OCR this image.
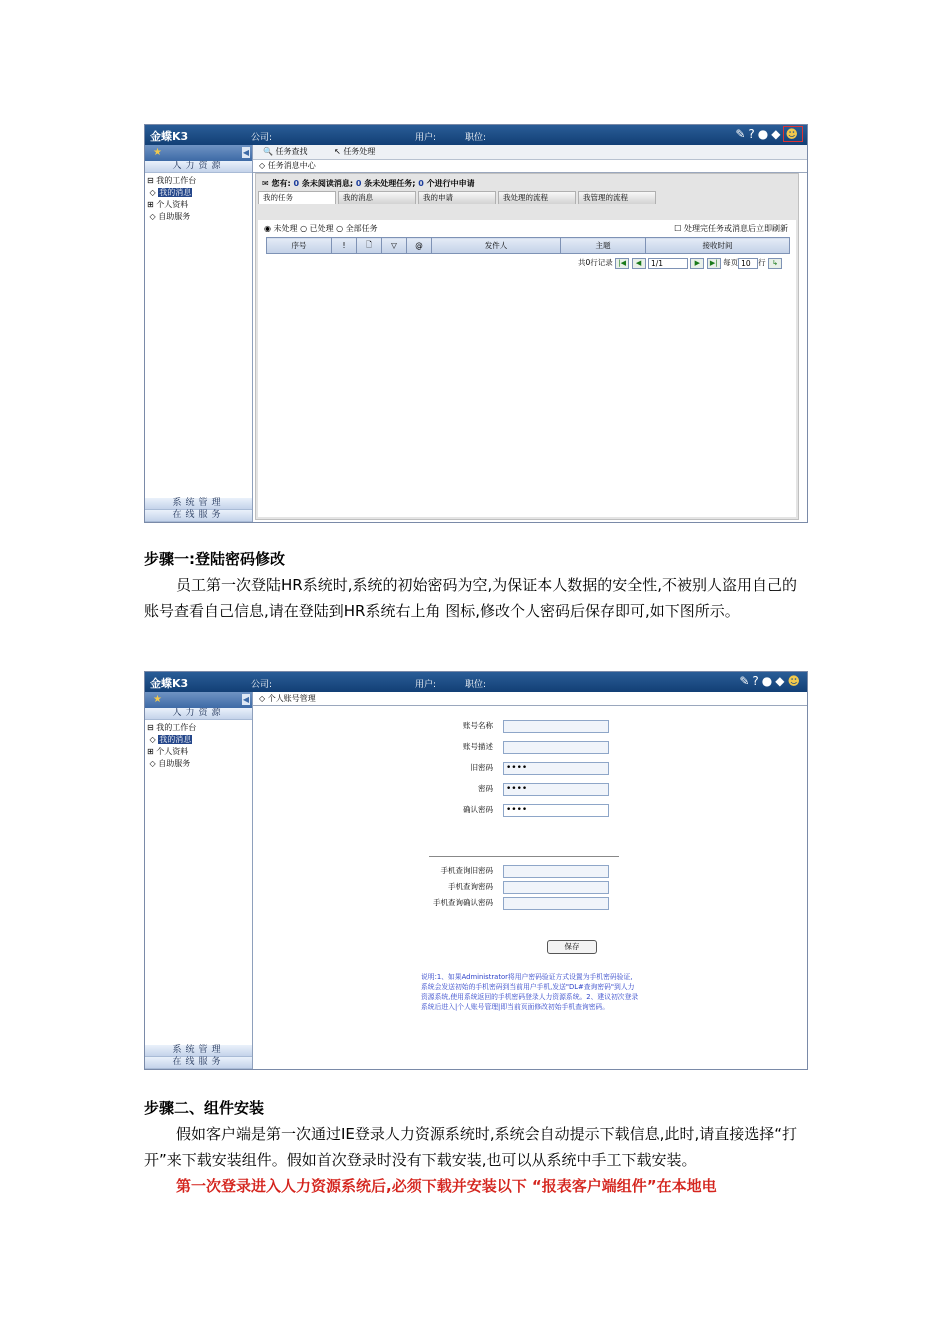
金蝶K3	公司:	用户:	职位:	✎?●◆ ☻
★	◀
人力资源
⊟ 我的工作台
◇ 我的消息
⊞ 个人资料
◇ 自助服务
系统管理
在线服务
🔍 任务查找	↖ 任务处理
◇ 任务消息中心
✉ 您有: 0 条未阅读消息; 0 条未处理任务; 0 个进行中申请
我的任务	我的消息	我的申请	我处理的流程	我管理的流程
◉ 未处理 ○ 已处理 ○ 全部任务	☐ 处理完任务或消息后立即刷新
序号	!	🗋	▽	@	发件人	主题	接收时间
共0行记录 |◀ ◀ 1/1	▶ ▶| 每页 10 行 ↳

步骤一:登陆密码修改

员工第一次登陆HR系统时,系统的初始密码为空,为保证本人数据的安全性,不被别人盗用自己的账号查看自己信息,请在登陆到HR系统右上角 图标,修改个人密码后保存即可,如下图所示。

金蝶K3	公司:	用户:	职位:	✎?●◆☻
★	◀
人力资源
⊟ 我的工作台
◇ 我的消息
⊞ 个人资料
◇ 自助服务
系统管理
在线服务
◇ 个人账号管理
账号名称
账号描述
旧密码	••••
密码	••••
确认密码	••••
手机查询旧密码
手机查询密码
手机查询确认密码
保存
说明:1、如果Administrator将用户密码验证方式设置为手机密码验证,系统会发送初始的手机密码到当前用户手机,发送"DL#查询密码"到人力资源系统,使用系统返回的手机密码登录人力资源系统。2、建议初次登录系统后进入|个人账号管理|即当前页面修改初始手机查询密码。

步骤二、组件安装

假如客户端是第一次通过IE登录人力资源系统时,系统会自动提示下载信息,此时,请直接选择“打开”来下载安装组件。假如首次登录时没有下载安装,也可以从系统中手工下载安装。

第一次登录进入人力资源系统后,必须下载并安装以下 “报表客户端组件”在本地电
